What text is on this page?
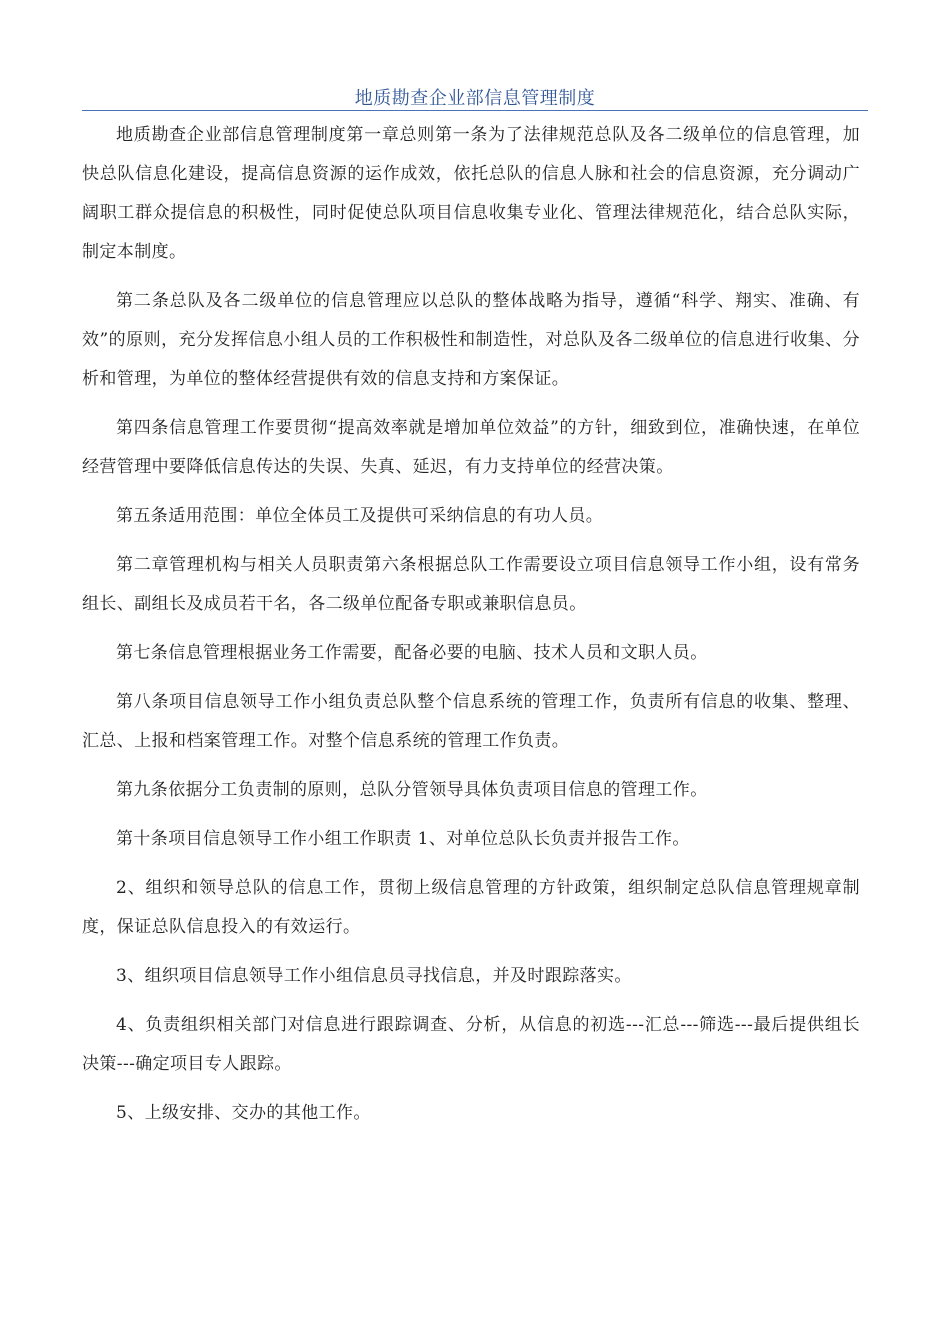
地质勘查企业部信息管理制度

地质勘查企业部信息管理制度第一章总则第一条为了法律规范总队及各二级单位的信息管理，加快总队信息化建设，提高信息资源的运作成效，依托总队的信息人脉和社会的信息资源，充分调动广阔职工群众提信息的积极性，同时促使总队项目信息收集专业化、管理法律规范化，结合总队实际，制定本制度。

第二条总队及各二级单位的信息管理应以总队的整体战略为指导，遵循“科学、翔实、准确、有效”的原则，充分发挥信息小组人员的工作积极性和制造性，对总队及各二级单位的信息进行收集、分析和管理，为单位的整体经营提供有效的信息支持和方案保证。

第四条信息管理工作要贯彻“提高效率就是增加单位效益”的方针，细致到位，准确快速，在单位经营管理中要降低信息传达的失误、失真、延迟，有力支持单位的经营决策。

第五条适用范围：单位全体员工及提供可采纳信息的有功人员。

第二章管理机构与相关人员职责第六条根据总队工作需要设立项目信息领导工作小组，设有常务组长、副组长及成员若干名，各二级单位配备专职或兼职信息员。

第七条信息管理根据业务工作需要，配备必要的电脑、技术人员和文职人员。

第八条项目信息领导工作小组负责总队整个信息系统的管理工作，负责所有信息的收集、整理、汇总、上报和档案管理工作。对整个信息系统的管理工作负责。

第九条依据分工负责制的原则，总队分管领导具体负责项目信息的管理工作。

第十条项目信息领导工作小组工作职责 1、对单位总队长负责并报告工作。

2、组织和领导总队的信息工作，贯彻上级信息管理的方针政策，组织制定总队信息管理规章制度，保证总队信息投入的有效运行。

3、组织项目信息领导工作小组信息员寻找信息，并及时跟踪落实。

4、负责组织相关部门对信息进行跟踪调查、分析，从信息的初选---汇总---筛选---最后提供组长决策---确定项目专人跟踪。

5、上级安排、交办的其他工作。
